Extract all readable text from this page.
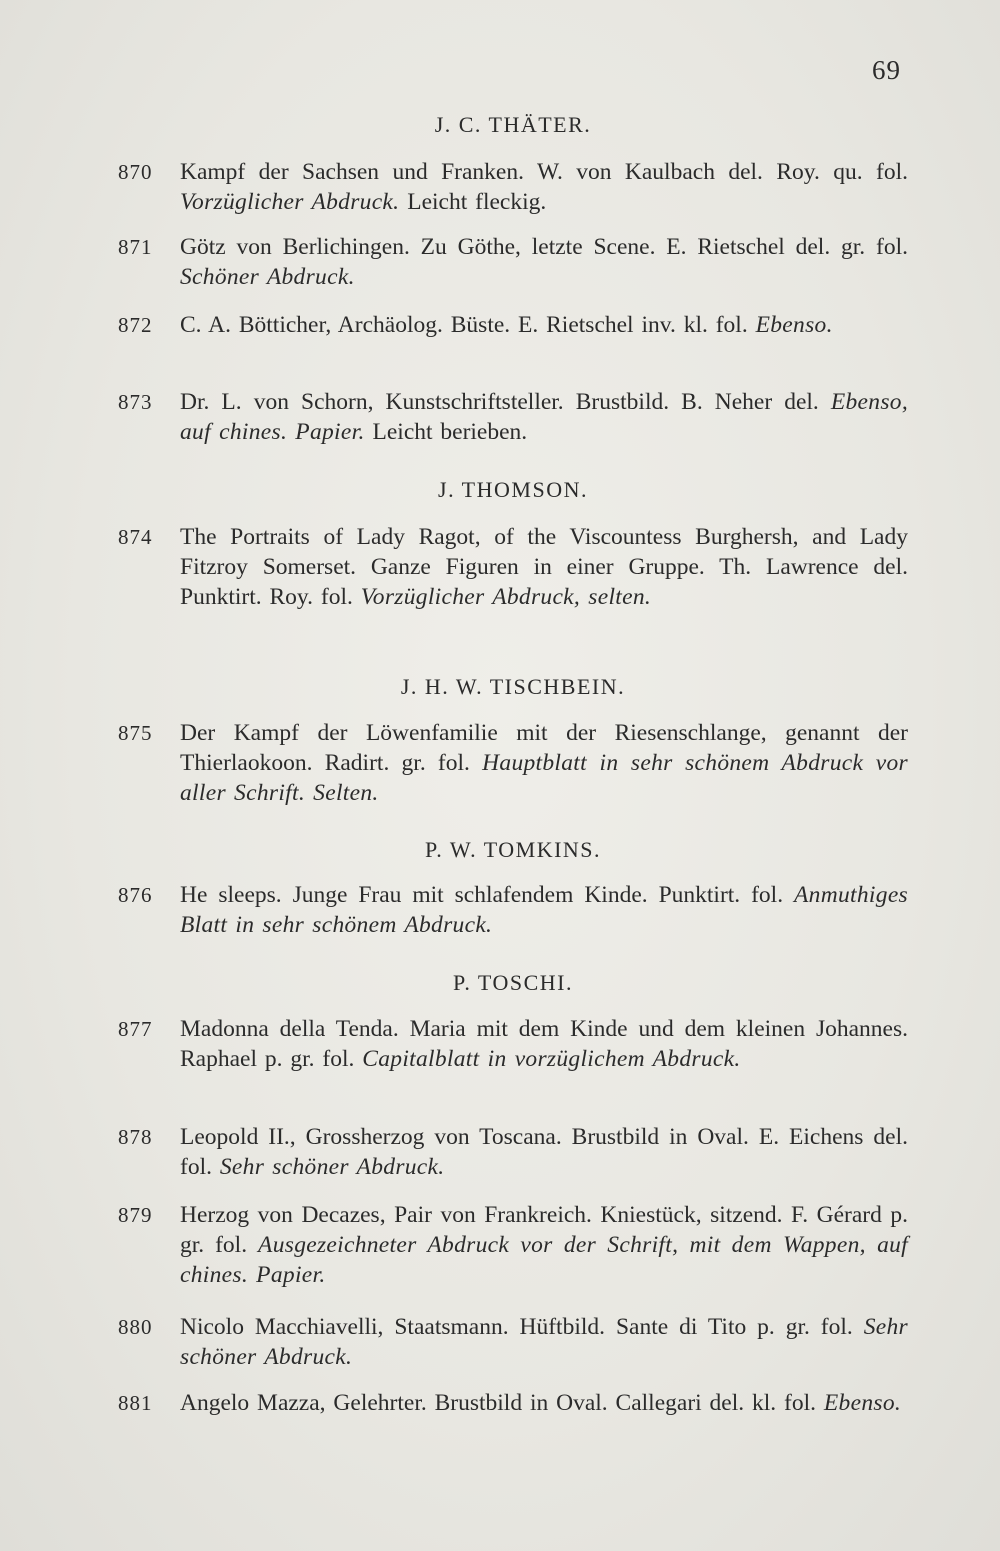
69
J. C. THÄTER.
870	Kampf der Sachsen und Franken. W. von Kaulbach del. Roy. qu. fol. Vorzüglicher Abdruck. Leicht fleckig.
871	Götz von Berlichingen. Zu Göthe, letzte Scene. E. Rietschel del. gr. fol. Schöner Abdruck.
872	C. A. Bötticher, Archäolog. Büste. E. Rietschel inv. kl. fol. Ebenso.
873	Dr. L. von Schorn, Kunstschriftsteller. Brustbild. B. Neher del. Ebenso, auf chines. Papier. Leicht berieben.
J. THOMSON.
874	The Portraits of Lady Ragot, of the Viscountess Burghersh, and Lady Fitzroy Somerset. Ganze Figuren in einer Gruppe. Th. Lawrence del. Punktirt. Roy. fol. Vorzüglicher Abdruck, selten.
J. H. W. TISCHBEIN.
875	Der Kampf der Löwenfamilie mit der Riesenschlange, genannt der Thierlaokoon. Radirt. gr. fol. Hauptblatt in sehr schönem Abdruck vor aller Schrift. Selten.
P. W. TOMKINS.
876	He sleeps. Junge Frau mit schlafendem Kinde. Punktirt. fol. Anmuthiges Blatt in sehr schönem Abdruck.
P. TOSCHI.
877	Madonna della Tenda. Maria mit dem Kinde und dem kleinen Johannes. Raphael p. gr. fol. Capitalblatt in vorzüglichem Abdruck.
878	Leopold II., Grossherzog von Toscana. Brustbild in Oval. E. Eichens del. fol. Sehr schöner Abdruck.
879	Herzog von Decazes, Pair von Frankreich. Kniestück, sitzend. F. Gérard p. gr. fol. Ausgezeichneter Abdruck vor der Schrift, mit dem Wappen, auf chines. Papier.
880	Nicolo Macchiavelli, Staatsmann. Hüftbild. Sante di Tito p. gr. fol. Sehr schöner Abdruck.
881	Angelo Mazza, Gelehrter. Brustbild in Oval. Callegari del. kl. fol. Ebenso.
